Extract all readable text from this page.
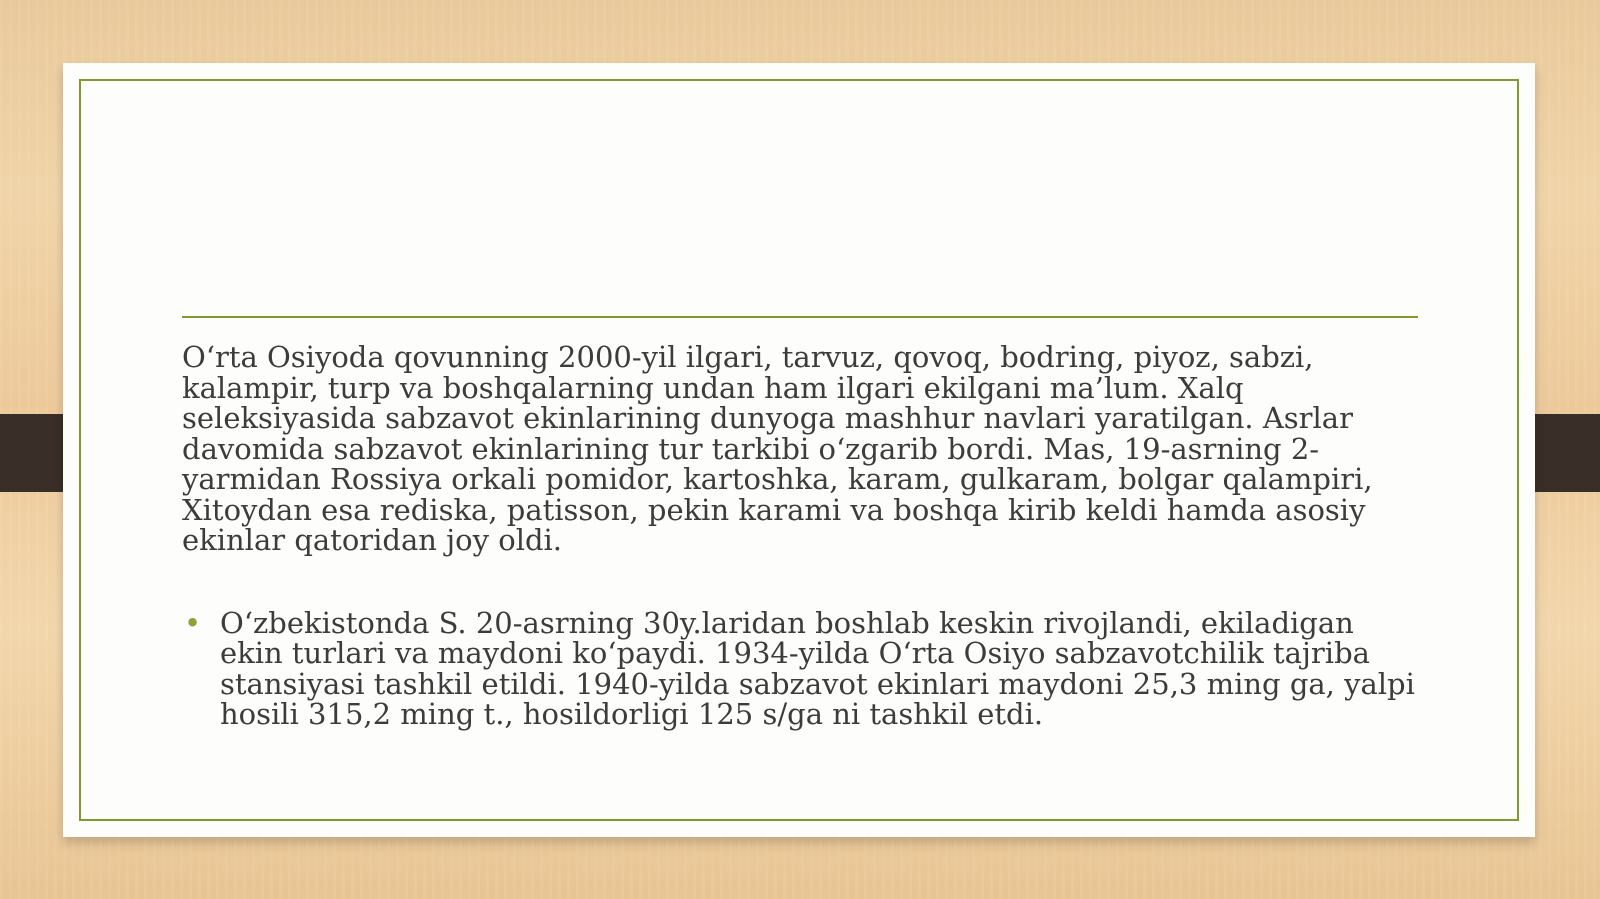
O‘rta Osiyoda qovunning 2000-yil ilgari, tarvuz, qovoq, bodring, piyoz, sabzi, kalampir, turp va boshqalarning undan ham ilgari ekilgani ma’lum. Xalq seleksiyasida sabzavot ekinlarining dunyoga mashhur navlari yaratilgan. Asrlar davomida sabzavot ekinlarining tur tarkibi o‘zgarib bordi. Mas, 19-asrning 2-yarmidan Rossiya orkali pomidor, kartoshka, karam, gulkaram, bolgar qalampiri, Xitoydan esa rediska, patisson, pekin karami va boshqa kirib keldi hamda asosiy ekinlar qatoridan joy oldi.

• O‘zbekistonda S. 20-asrning 30y.laridan boshlab keskin rivojlandi, ekiladigan ekin turlari va maydoni ko‘paydi. 1934-yilda O‘rta Osiyo sabzavotchilik tajriba stansiyasi tashkil etildi. 1940-yilda sabzavot ekinlari maydoni 25,3 ming ga, yalpi hosili 315,2 ming t., hosildorligi 125 s/ga ni tashkil etdi.
